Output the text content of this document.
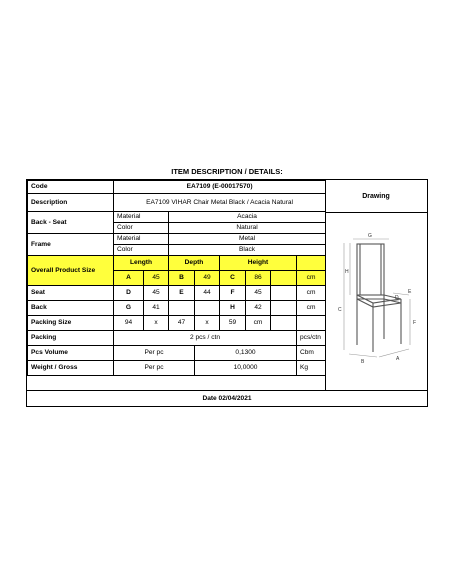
ITEM DESCRIPTION / DETAILS:
Code	EA7109 (E-00017570)							
Description	EA7109 VIHAR Chair Metal Black / Acacia Natural							
Back - Seat	Material		Acacia					
	Color		Natural					
Frame	Material		Metal					
	Color		Black					
Overall Product Size	Length		Depth		Height			
	A	45	B	49	C	86		cm
Seat	D	45	E	44	F	45		cm
Back	G	41			H	42		cm
Packing Size	94	x	47	x	59	cm		
Packing	2 pcs / ctn							pcs/ctn
Pcs Volume	Per pc			0,1300				Cbm
Weight / Gross	Per pc			10,0000				Kg
Drawing
G
H
C
E
D
F
B	A
Date 02/04/2021
